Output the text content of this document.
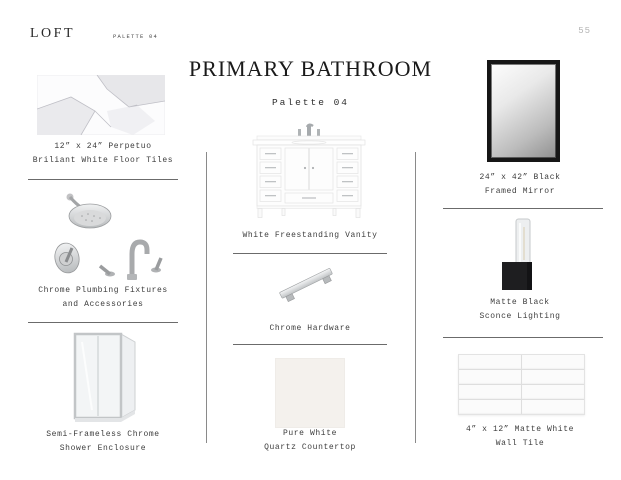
LOFT	PALETTE 04
55
PRIMARY BATHROOM
Palette 04
12” x 24” Perpetuo
Briliant White Floor Tiles
Chrome Plumbing Fixtures
and Accessories
Semi-Frameless Chrome
Shower Enclosure
White Freestanding Vanity
Chrome Hardware
Pure White
Quartz Countertop
24” x 42” Black
Framed Mirror
Matte Black
Sconce Lighting
4” x 12” Matte White
Wall Tile
